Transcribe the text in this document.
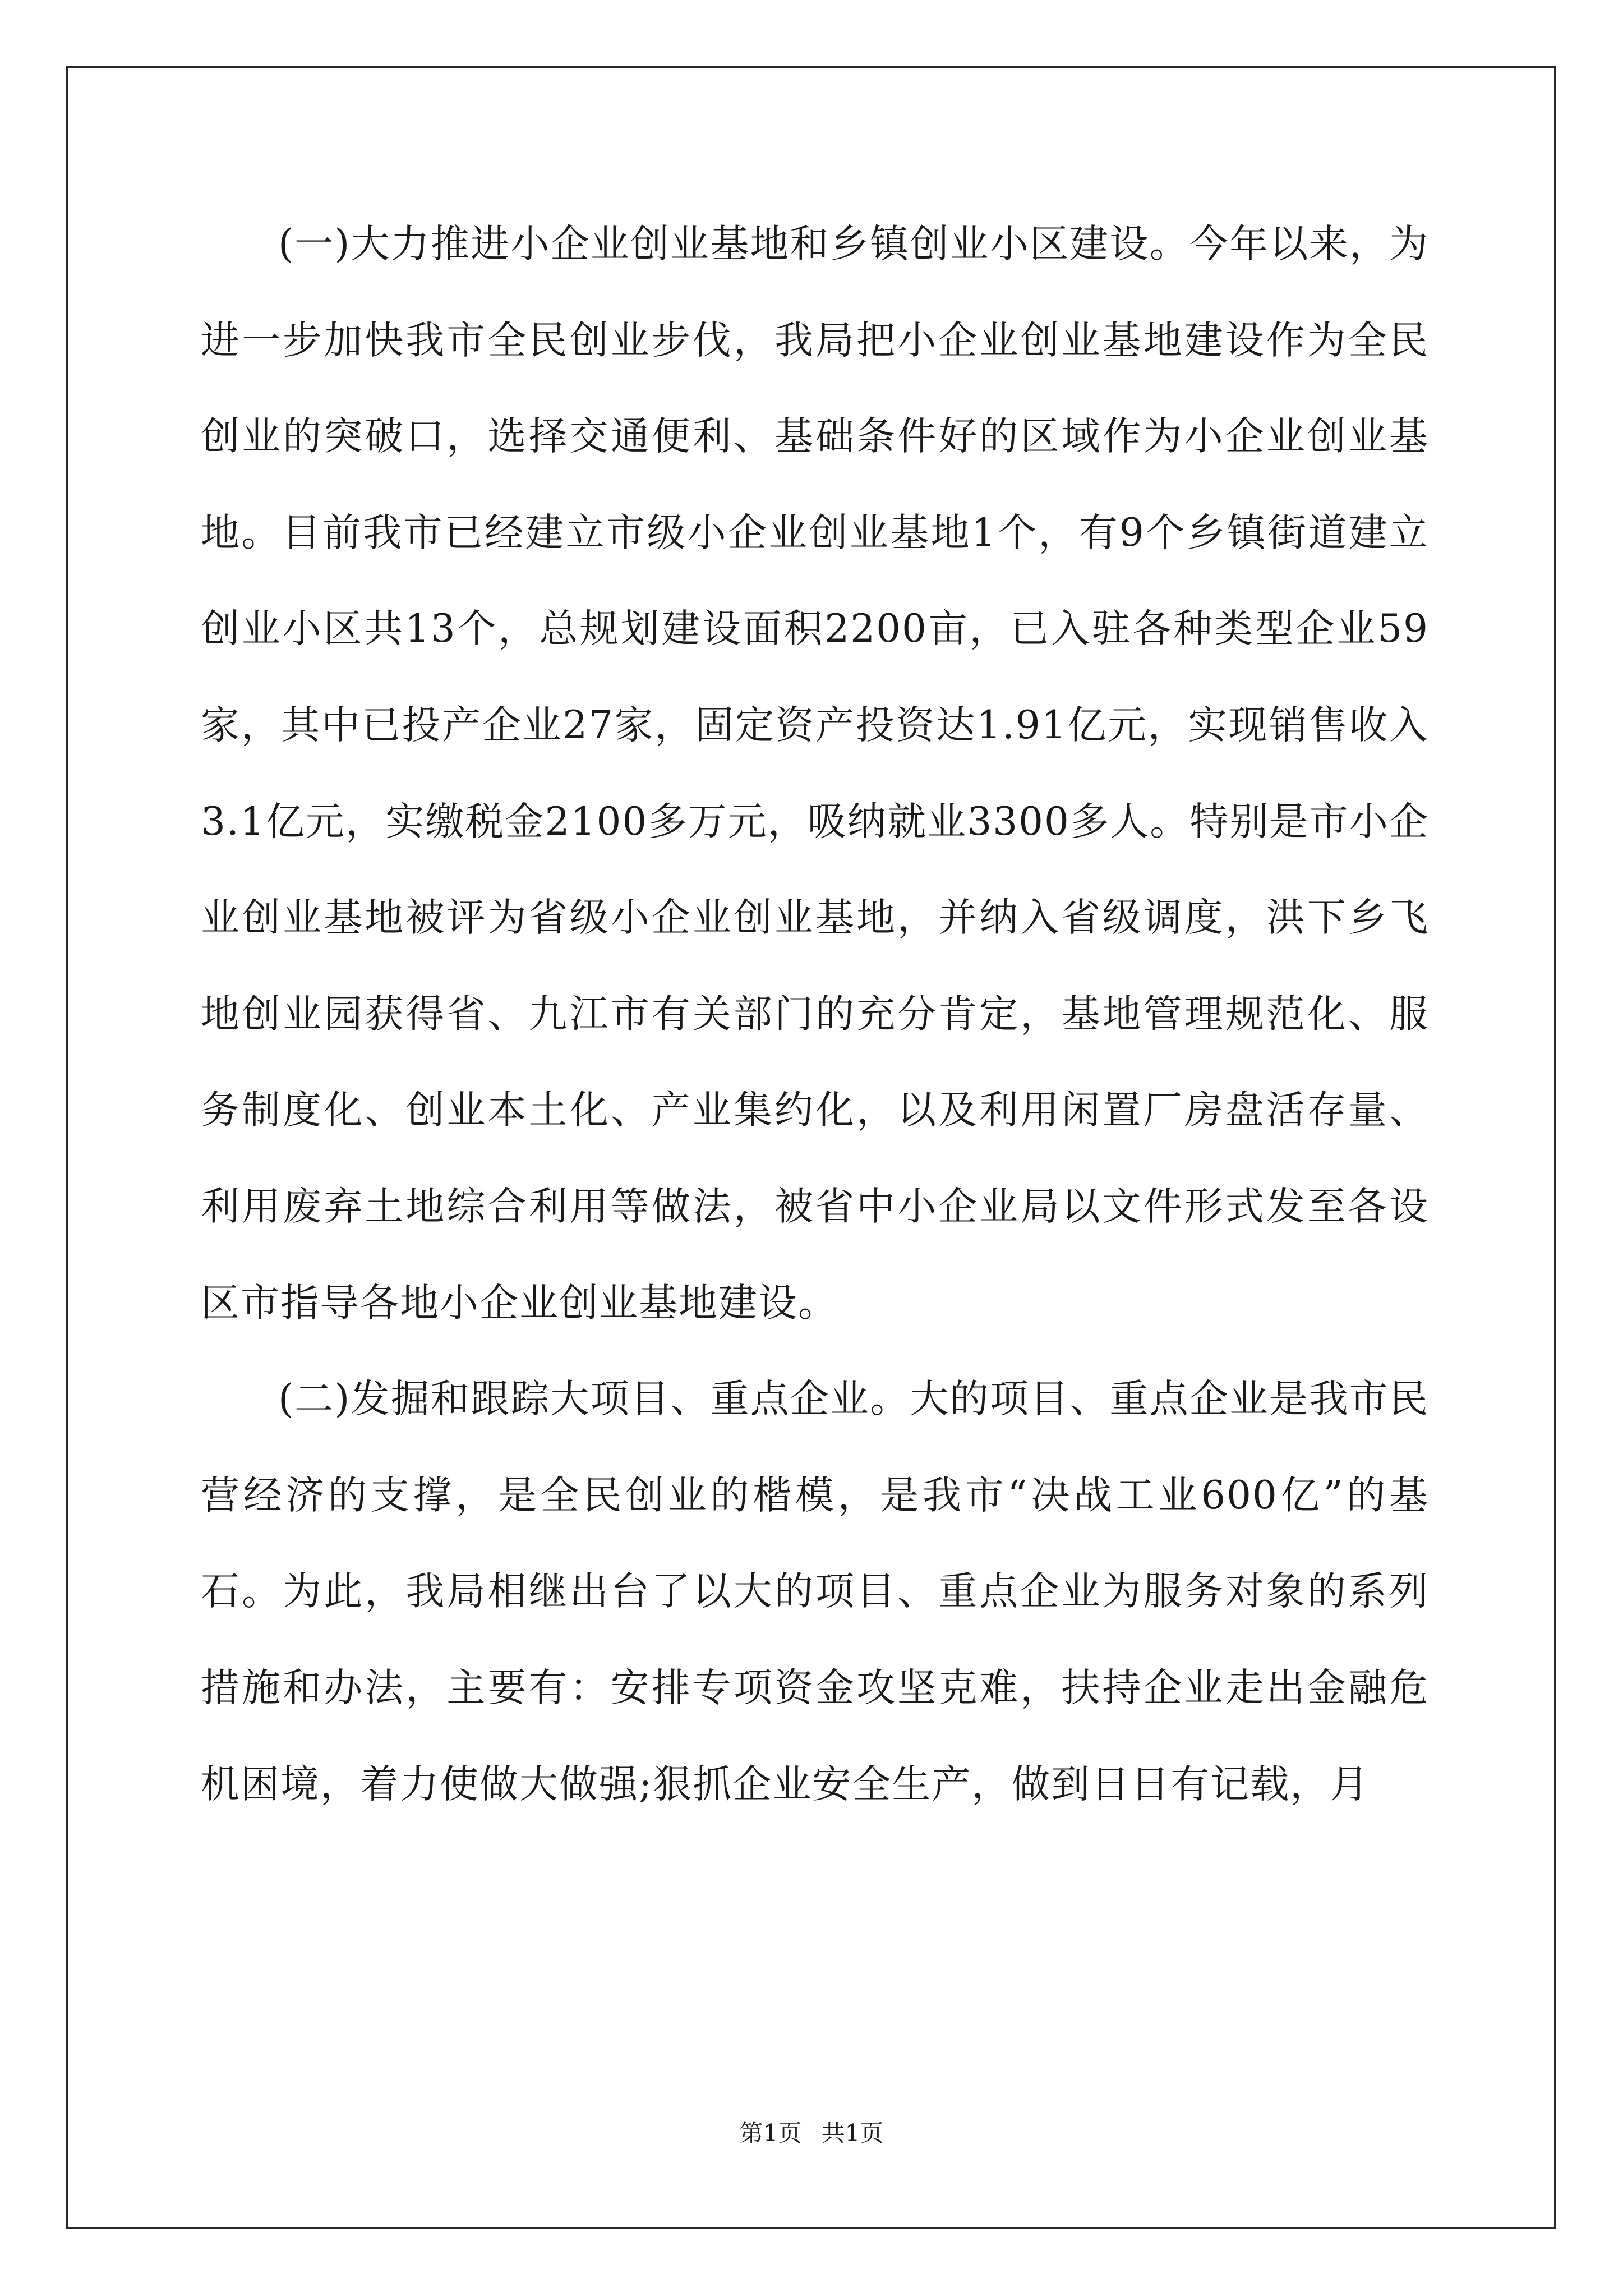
(一)大力推进小企业创业基地和乡镇创业小区建设。今年以来，为进一步加快我市全民创业步伐，我局把小企业创业基地建设作为全民创业的突破口，选择交通便利、基础条件好的区域作为小企业创业基地。目前我市已经建立市级小企业创业基地1个，有9个乡镇街道建立创业小区共13个，总规划建设面积2200亩，已入驻各种类型企业59家，其中已投产企业27家，固定资产投资达1.91亿元，实现销售收入3.1亿元，实缴税金2100多万元，吸纳就业3300多人。特别是市小企业创业基地被评为省级小企业创业基地，并纳入省级调度，洪下乡飞地创业园获得省、九江市有关部门的充分肯定，基地管理规范化、服务制度化、创业本土化、产业集约化，以及利用闲置厂房盘活存量、利用废弃土地综合利用等做法，被省中小企业局以文件形式发至各设区市指导各地小企业创业基地建设。

(二)发掘和跟踪大项目、重点企业。大的项目、重点企业是我市民营经济的支撑，是全民创业的楷模，是我市“决战工业600亿”的基石。为此，我局相继出台了以大的项目、重点企业为服务对象的系列措施和办法，主要有：安排专项资金攻坚克难，扶持企业走出金融危机困境，着力使做大做强;狠抓企业安全生产，做到日日有记载，月

第1页 共1页
